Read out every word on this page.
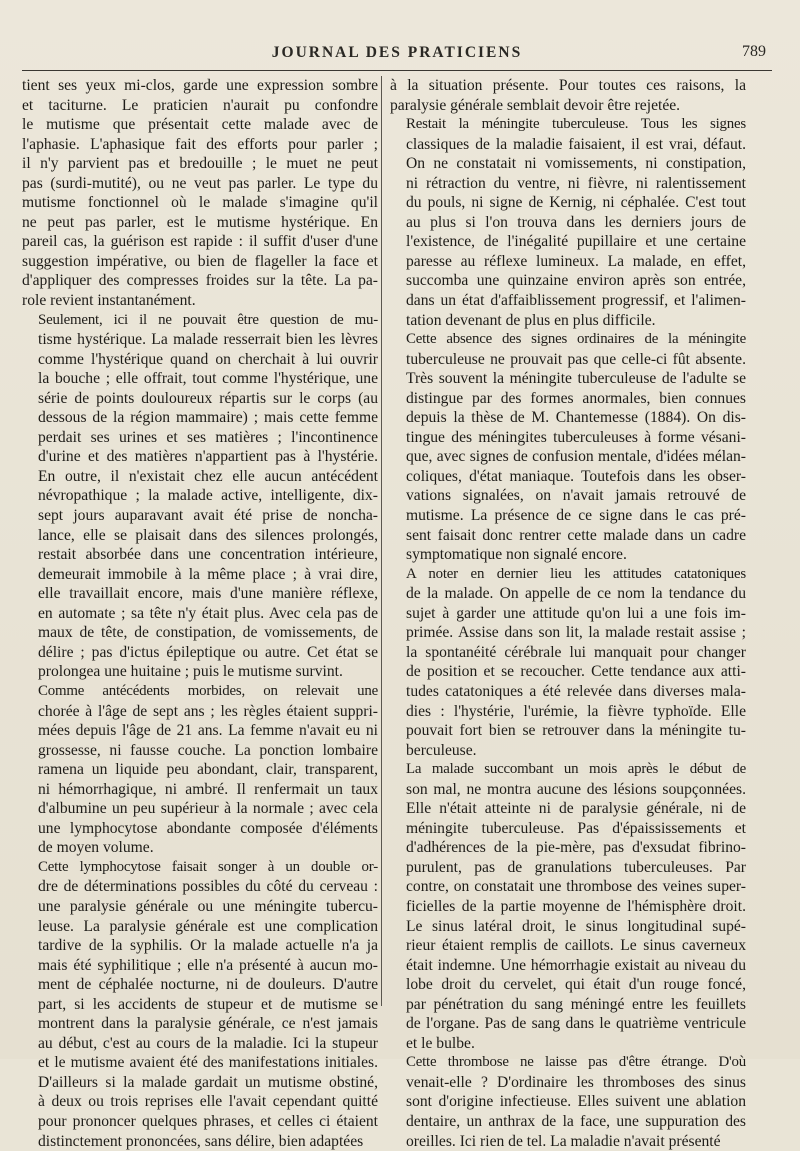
JOURNAL DES PRATICIENS	789

tient ses yeux mi-clos, garde une expression sombre
et taciturne. Le praticien n'aurait pu confondre
le mutisme que présentait cette malade avec de
l'aphasie. L'aphasique fait des efforts pour parler ;
il n'y parvient pas et bredouille ; le muet ne peut
pas (surdi-mutité), ou ne veut pas parler. Le type du
mutisme fonctionnel où le malade s'imagine qu'il
ne peut pas parler, est le mutisme hystérique. En
pareil cas, la guérison est rapide : il suffit d'user d'une
suggestion impérative, ou bien de flageller la face et
d'appliquer des compresses froides sur la tête. La pa-
role revient instantanément.

Seulement, ici il ne pouvait être question de mu-
tisme hystérique. La malade resserrait bien les lèvres
comme l'hystérique quand on cherchait à lui ouvrir
la bouche ; elle offrait, tout comme l'hystérique, une
série de points douloureux répartis sur le corps (au
dessous de la région mammaire) ; mais cette femme
perdait ses urines et ses matières ; l'incontinence
d'urine et des matières n'appartient pas à l'hystérie.
En outre, il n'existait chez elle aucun antécédent
névropathique ; la malade active, intelligente, dix-
sept jours auparavant avait été prise de noncha-
lance, elle se plaisait dans des silences prolongés,
restait absorbée dans une concentration intérieure,
demeurait immobile à la même place ; à vrai dire,
elle travaillait encore, mais d'une manière réflexe,
en automate ; sa tête n'y était plus. Avec cela pas de
maux de tête, de constipation, de vomissements, de
délire ; pas d'ictus épileptique ou autre. Cet état se
prolongea une huitaine ; puis le mutisme survint.

Comme antécédents morbides, on relevait une
chorée à l'âge de sept ans ; les règles étaient suppri-
mées depuis l'âge de 21 ans. La femme n'avait eu ni
grossesse, ni fausse couche. La ponction lombaire
ramena un liquide peu abondant, clair, transparent,
ni hémorrhagique, ni ambré. Il renfermait un taux
d'albumine un peu supérieur à la normale ; avec cela
une lymphocytose abondante composée d'éléments
de moyen volume.

Cette lymphocytose faisait songer à un double or-
dre de déterminations possibles du côté du cerveau :
une paralysie générale ou une méningite tubercu-
leuse. La paralysie générale est une complication
tardive de la syphilis. Or la malade actuelle n'a ja
mais été syphilitique ; elle n'a présenté à aucun mo-
ment de céphalée nocturne, ni de douleurs. D'autre
part, si les accidents de stupeur et de mutisme se
montrent dans la paralysie générale, ce n'est jamais
au début, c'est au cours de la maladie. Ici la stupeur
et le mutisme avaient été des manifestations initiales.
D'ailleurs si la malade gardait un mutisme obstiné,
à deux ou trois reprises elle l'avait cependant quitté
pour prononcer quelques phrases, et celles ci étaient
distinctement prononcées, sans délire, bien adaptées

à la situation présente. Pour toutes ces raisons, la
paralysie générale semblait devoir être rejetée.

Restait la méningite tuberculeuse. Tous les signes
classiques de la maladie faisaient, il est vrai, défaut.
On ne constatait ni vomissements, ni constipation,
ni rétraction du ventre, ni fièvre, ni ralentissement
du pouls, ni signe de Kernig, ni céphalée. C'est tout
au plus si l'on trouva dans les derniers jours de
l'existence, de l'inégalité pupillaire et une certaine
paresse au réflexe lumineux. La malade, en effet,
succomba une quinzaine environ après son entrée,
dans un état d'affaiblissement progressif, et l'alimen-
tation devenant de plus en plus difficile.

Cette absence des signes ordinaires de la méningite
tuberculeuse ne prouvait pas que celle-ci fût absente.
Très souvent la méningite tuberculeuse de l'adulte se
distingue par des formes anormales, bien connues
depuis la thèse de M. Chantemesse (1884). On dis-
tingue des méningites tuberculeuses à forme vésani-
que, avec signes de confusion mentale, d'idées mélan-
coliques, d'état maniaque. Toutefois dans les obser-
vations signalées, on n'avait jamais retrouvé de
mutisme. La présence de ce signe dans le cas pré-
sent faisait donc rentrer cette malade dans un cadre
symptomatique non signalé encore.

A noter en dernier lieu les attitudes catatoniques
de la malade. On appelle de ce nom la tendance du
sujet à garder une attitude qu'on lui a une fois im-
primée. Assise dans son lit, la malade restait assise ;
la spontanéité cérébrale lui manquait pour changer
de position et se recoucher. Cette tendance aux atti-
tudes catatoniques a été relevée dans diverses mala-
dies : l'hystérie, l'urémie, la fièvre typhoïde. Elle
pouvait fort bien se retrouver dans la méningite tu-
berculeuse.

La malade succombant un mois après le début de
son mal, ne montra aucune des lésions soupçonnées.
Elle n'était atteinte ni de paralysie générale, ni de
méningite tuberculeuse. Pas d'épaississements et
d'adhérences de la pie-mère, pas d'exsudat fibrino-
purulent, pas de granulations tuberculeuses. Par
contre, on constatait une thrombose des veines super-
ficielles de la partie moyenne de l'hémisphère droit.
Le sinus latéral droit, le sinus longitudinal supé-
rieur étaient remplis de caillots. Le sinus caverneux
était indemne. Une hémorrhagie existait au niveau du
lobe droit du cervelet, qui était d'un rouge foncé,
par pénétration du sang méningé entre les feuillets
de l'organe. Pas de sang dans le quatrième ventricule
et le bulbe.

Cette thrombose ne laisse pas d'être étrange. D'où
venait-elle ? D'ordinaire les thromboses des sinus
sont d'origine infectieuse. Elles suivent une ablation
dentaire, un anthrax de la face, une suppuration des
oreilles. Ici rien de tel. La maladie n'avait présenté
